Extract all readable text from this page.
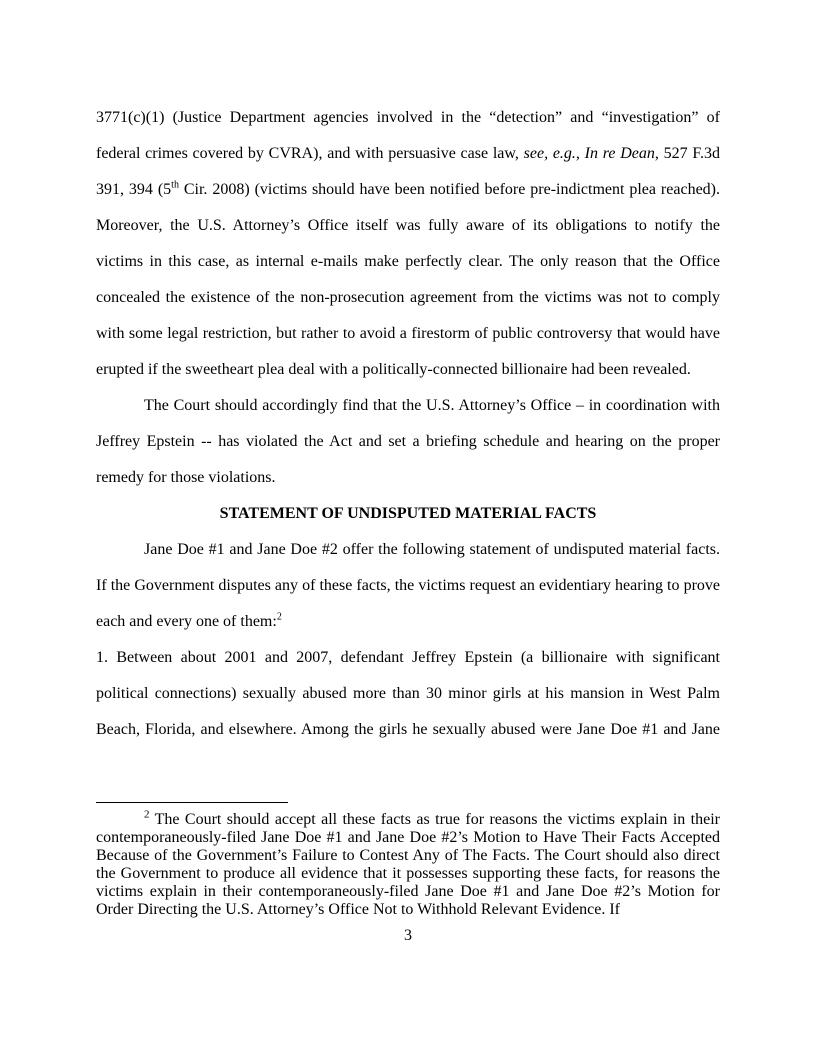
3771(c)(1) (Justice Department agencies involved in the “detection” and “investigation” of
federal crimes covered by CVRA), and with persuasive case law, see, e.g., In re Dean, 527 F.3d
391, 394 (5th Cir. 2008) (victims should have been notified before pre-indictment plea reached).
Moreover, the U.S. Attorney’s Office itself was fully aware of its obligations to notify the
victims in this case, as internal e-mails make perfectly clear. The only reason that the Office
concealed the existence of the non-prosecution agreement from the victims was not to comply
with some legal restriction, but rather to avoid a firestorm of public controversy that would have
erupted if the sweetheart plea deal with a politically-connected billionaire had been revealed.
The Court should accordingly find that the U.S. Attorney’s Office – in coordination with
Jeffrey Epstein -- has violated the Act and set a briefing schedule and hearing on the proper
remedy for those violations.
STATEMENT OF UNDISPUTED MATERIAL FACTS
Jane Doe #1 and Jane Doe #2 offer the following statement of undisputed material facts.
If the Government disputes any of these facts, the victims request an evidentiary hearing to prove
each and every one of them:$^2$
1. Between about 2001 and 2007, defendant Jeffrey Epstein (a billionaire with significant
political connections) sexually abused more than 30 minor girls at his mansion in West Palm
Beach, Florida, and elsewhere. Among the girls he sexually abused were Jane Doe #1 and Jane
$^2$ The Court should accept all these facts as true for reasons the victims explain in their
contemporaneously-filed Jane Doe #1 and Jane Doe #2’s Motion to Have Their Facts Accepted
Because of the Government’s Failure to Contest Any of The Facts. The Court should also direct
the Government to produce all evidence that it possesses supporting these facts, for reasons the
victims explain in their contemporaneously-filed Jane Doe #1 and Jane Doe #2’s Motion for
Order Directing the U.S. Attorney’s Office Not to Withhold Relevant Evidence. If
3
